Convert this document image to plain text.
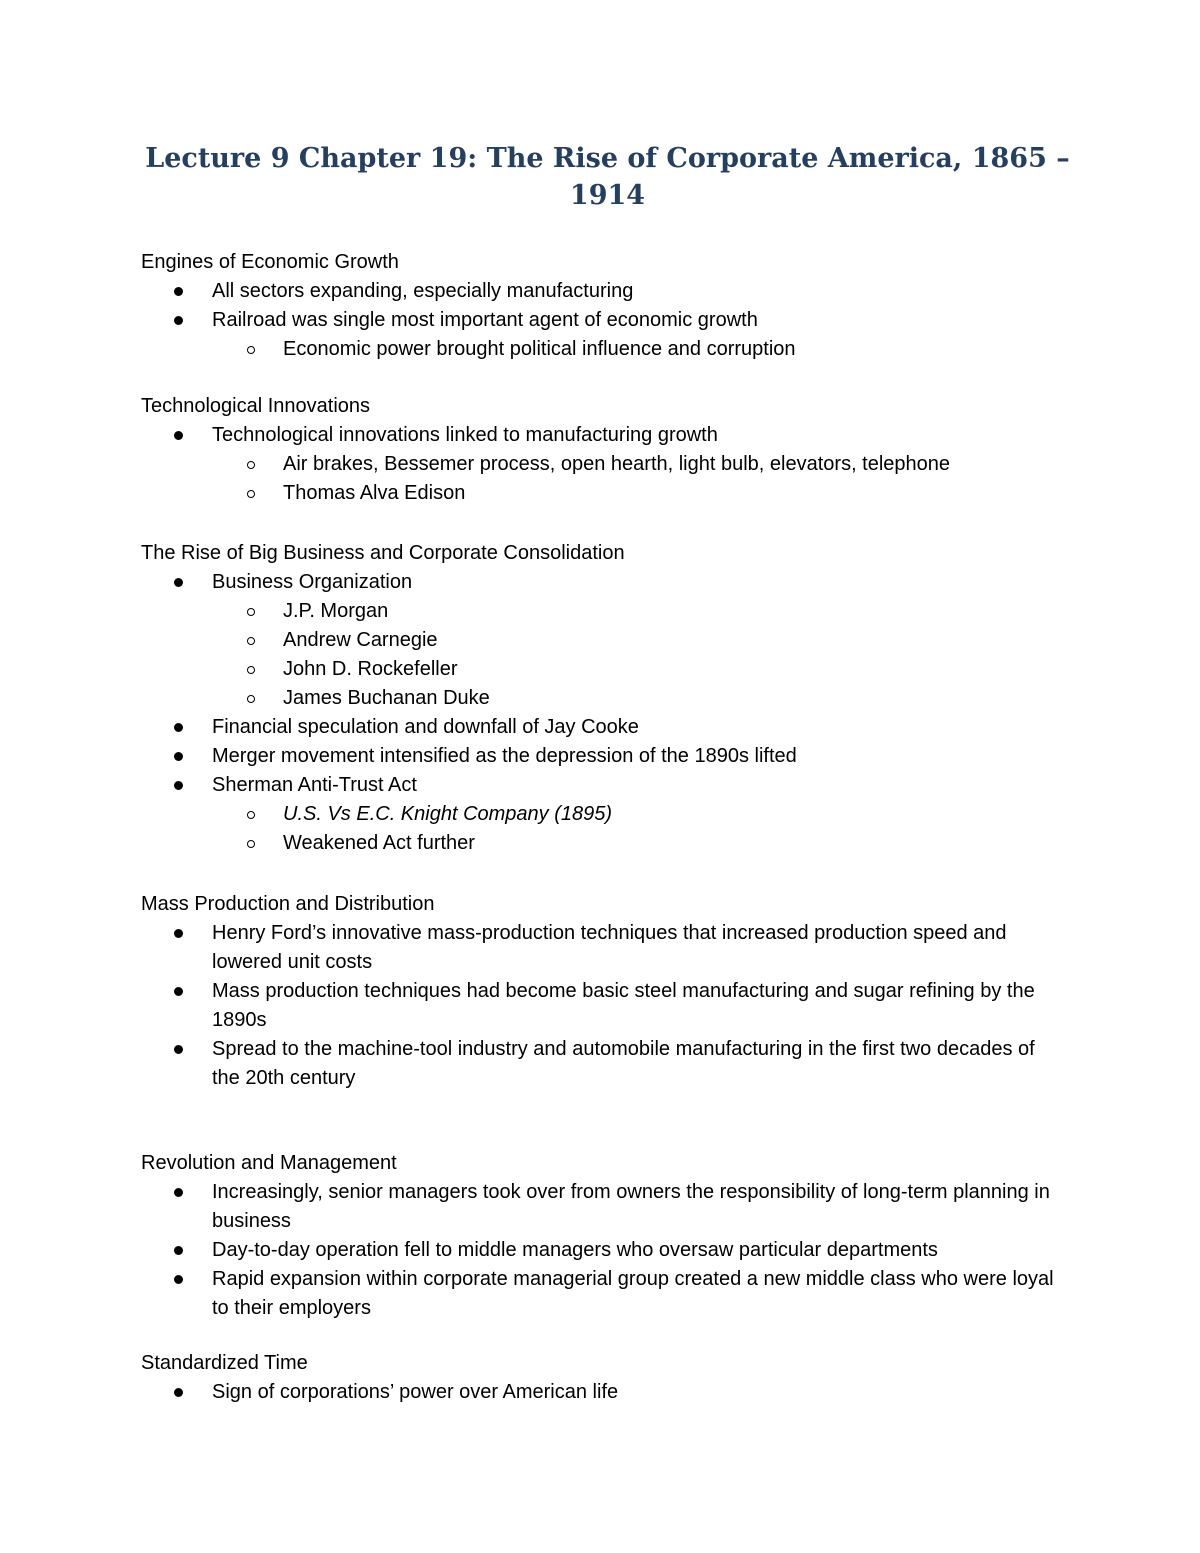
Lecture 9 Chapter 19: The Rise of Corporate America, 1865 – 1914
Engines of Economic Growth
All sectors expanding, especially manufacturing
Railroad was single most important agent of economic growth
Economic power brought political influence and corruption
Technological Innovations
Technological innovations linked to manufacturing growth
Air brakes, Bessemer process, open hearth, light bulb, elevators, telephone
Thomas Alva Edison
The Rise of Big Business and Corporate Consolidation
Business Organization
J.P. Morgan
Andrew Carnegie
John D. Rockefeller
James Buchanan Duke
Financial speculation and downfall of Jay Cooke
Merger movement intensified as the depression of the 1890s lifted
Sherman Anti-Trust Act
U.S. Vs E.C. Knight Company (1895)
Weakened Act further
Mass Production and Distribution
Henry Ford’s innovative mass-production techniques that increased production speed and lowered unit costs
Mass production techniques had become basic steel manufacturing and sugar refining by the 1890s
Spread to the machine-tool industry and automobile manufacturing in the first two decades of the 20th century
Revolution and Management
Increasingly, senior managers took over from owners the responsibility of long-term planning in business
Day-to-day operation fell to middle managers who oversaw particular departments
Rapid expansion within corporate managerial group created a new middle class who were loyal to their employers
Standardized Time
Sign of corporations’ power over American life
